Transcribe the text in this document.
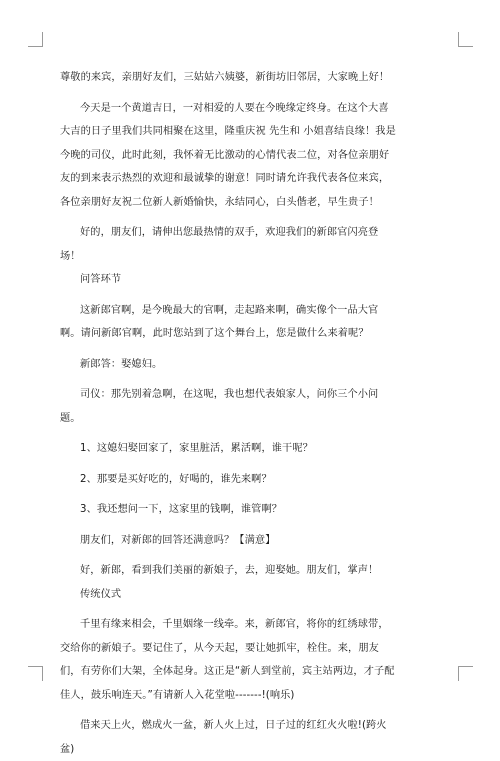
尊敬的来宾，亲朋好友们，三姑姑六姨婆，新街坊旧邻居，大家晚上好！

今天是一个黄道吉日，一对相爱的人要在今晚缘定终身。在这个大喜大吉的日子里我们共同相聚在这里，隆重庆祝 先生和 小姐喜结良缘！我是今晚的司仪，此时此刻，我怀着无比激动的心情代表二位，对各位亲朋好友的到来表示热烈的欢迎和最诚挚的谢意！同时请允许我代表各位来宾，各位亲朋好友祝二位新人新婚愉快，永结同心，白头偕老，早生贵子！

好的，朋友们，请伸出您最热情的双手，欢迎我们的新郎官闪亮登场！

问答环节

这新郎官啊，是今晚最大的官啊，走起路来啊，确实像个一品大官啊。请问新郎官啊，此时您站到了这个舞台上，您是做什么来着呢？

新郎答：娶媳妇。

司仪：那先别着急啊，在这呢，我也想代表娘家人，问你三个小问题。

1、这媳妇娶回家了，家里脏活，累活啊，谁干呢？

2、那要是买好吃的，好喝的，谁先来啊？

3、我还想问一下，这家里的钱啊，谁管啊？

朋友们，对新郎的回答还满意吗？【满意】

好，新郎，看到我们美丽的新娘子，去，迎娶她。朋友们，掌声！

传统仪式

千里有缘来相会，千里姻缘一线牵。来，新郎官，将你的红绣球带，交给你的新娘子。要记住了，从今天起，要让她抓牢，栓住。来，朋友们，有劳你们大架，全体起身。这正是“新人到堂前，宾主站两边，才子配佳人，鼓乐响连天。”有请新人入花堂啦-------!(响乐)

借来天上火，燃成火一盆，新人火上过，日子过的红红火火啦!(跨火盆)
